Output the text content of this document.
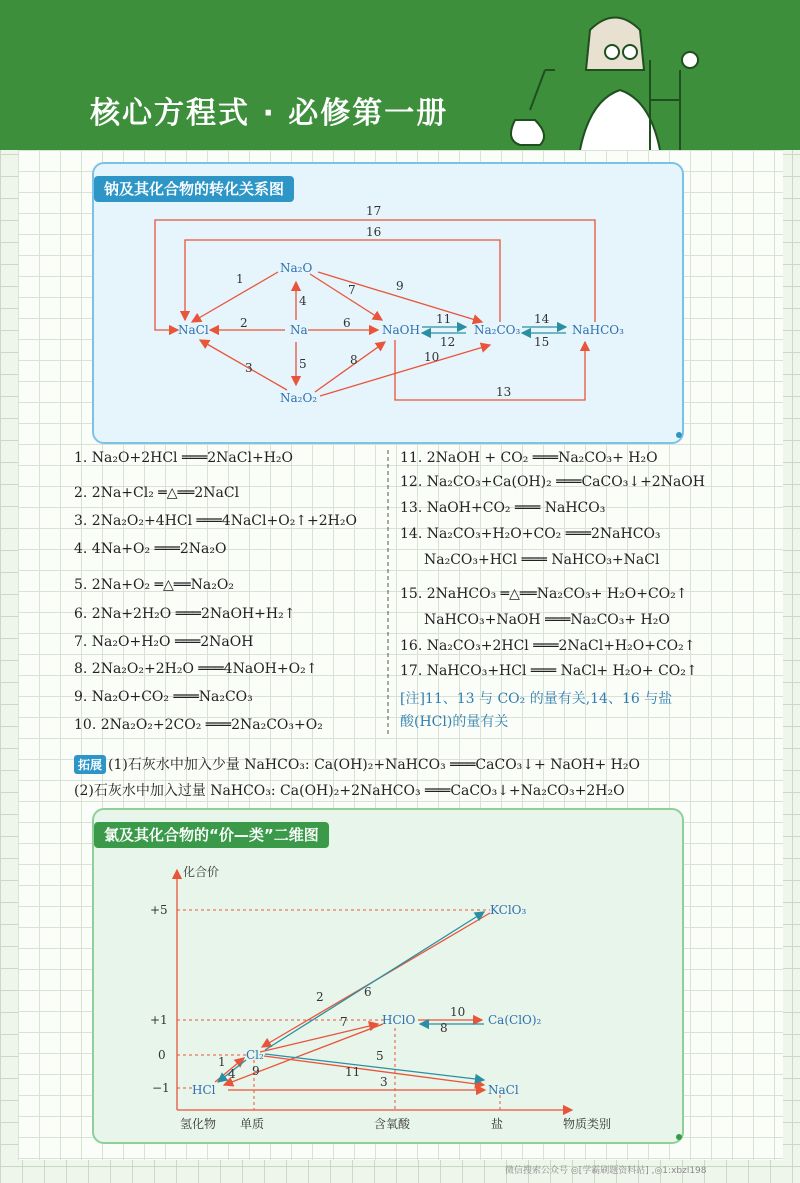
核心方程式 · 必修第一册
钠及其化合物的转化关系图
Na₂O
NaCl	Na	NaOH	Na₂CO₃	NaHCO₃
Na₂O₂
17
16
1
2
3
4
5
6
7
8
9
10
11
12
13
14
15
1. Na₂O+2HCl ═══2NaCl+H₂O
2. 2Na+Cl₂ ═△══2NaCl
3. 2Na₂O₂+4HCl ═══4NaCl+O₂↑+2H₂O
4. 4Na+O₂ ═══2Na₂O
5. 2Na+O₂ ═△══Na₂O₂
6. 2Na+2H₂O ═══2NaOH+H₂↑
7. Na₂O+H₂O ═══2NaOH
8. 2Na₂O₂+2H₂O ═══4NaOH+O₂↑
9. Na₂O+CO₂ ═══Na₂CO₃
10. 2Na₂O₂+2CO₂ ═══2Na₂CO₃+O₂
11. 2NaOH + CO₂ ═══Na₂CO₃+ H₂O
12. Na₂CO₃+Ca(OH)₂ ═══CaCO₃↓+2NaOH
13. NaOH+CO₂ ═══ NaHCO₃
14. Na₂CO₃+H₂O+CO₂ ═══2NaHCO₃
Na₂CO₃+HCl ═══ NaHCO₃+NaCl
15. 2NaHCO₃ ═△══Na₂CO₃+ H₂O+CO₂↑
NaHCO₃+NaOH ═══Na₂CO₃+ H₂O
16. Na₂CO₃+2HCl ═══2NaCl+H₂O+CO₂↑
17. NaHCO₃+HCl ═══ NaCl+ H₂O+ CO₂↑
[注]11、13 与 CO₂ 的量有关,14、16 与盐
酸(HCl)的量有关
拓展 (1)石灰水中加入少量 NaHCO₃: Ca(OH)₂+NaHCO₃ ═══CaCO₃↓+ NaOH+ H₂O
(2)石灰水中加入过量 NaHCO₃: Ca(OH)₂+2NaHCO₃ ═══CaCO₃↓+Na₂CO₃+2H₂O
氯及其化合物的“价—类”二维图
+5
+1
0
−1
化合价
物质类别
氢化物 单质	含氧酸	盐
KClO₃
HClO	Ca(ClO)₂
Cl₂
HCl	NaCl
1
2
3
4
5
6
7	8
9
10
11
微信搜索公众号 ◎[学霸刷题资料站] ,◎1:xbzl198
